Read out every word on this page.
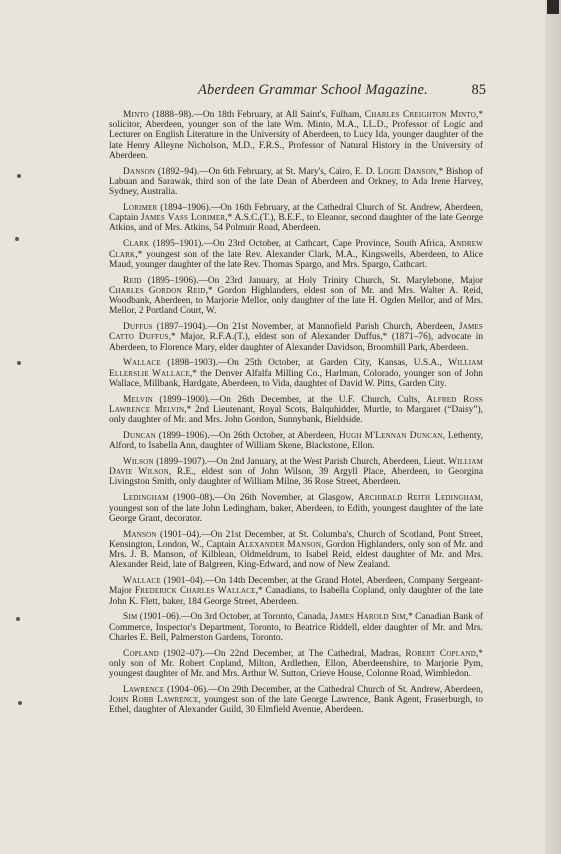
Aberdeen Grammar School Magazine.	85

Minto (1888–98).—On 18th February, at All Saint's, Fulham, Charles Creighton Minto,* solicitor, Aberdeen, younger son of the late Wm. Minto, M.A., LL.D., Professor of Logic and Lecturer on English Literature in the University of Aberdeen, to Lucy Ida, younger daughter of the late Henry Alleyne Nicholson, M.D., F.R.S., Professor of Natural History in the University of Aberdeen.

Danson (1892–94).—On 6th February, at St. Mary's, Cairo, E. D. Logie Danson,* Bishop of Labuan and Sarawak, third son of the late Dean of Aberdeen and Orkney, to Ada Irene Harvey, Sydney, Australia.

Lorimer (1894–1906).—On 16th February, at the Cathedral Church of St. Andrew, Aberdeen, Captain James Vass Lorimer,* A.S.C.(T.), B.E.F., to Eleanor, second daughter of the late George Atkins, and of Mrs. Atkins, 54 Polmuir Road, Aberdeen.

Clark (1895–1901).—On 23rd October, at Cathcart, Cape Province, South Africa, Andrew Clark,* youngest son of the late Rev. Alexander Clark, M.A., Kingswells, Aberdeen, to Alice Maud, younger daughter of the late Rev. Thomas Spargo, and Mrs. Spargo, Cathcart.

Reid (1895–1906).—On 23rd January, at Holy Trinity Church, St. Marylebone, Major Charles Gordon Reid,* Gordon Highlanders, eldest son of Mr. and Mrs. Walter A. Reid, Woodbank, Aberdeen, to Marjorie Mellor, only daughter of the late H. Ogden Mellor, and of Mrs. Mellor, 2 Portland Court, W.

Duffus (1897–1904).—On 21st November, at Mannofield Parish Church, Aberdeen, James Catto Duffus,* Major, R.F.A.(T.), eldest son of Alexander Duffus,* (1871–76), advocate in Aberdeen, to Florence Mary, elder daughter of Alexander Davidson, Broomhill Park, Aberdeen.

Wallace (1898–1903).—On 25th October, at Garden City, Kansas, U.S.A., William Ellerslie Wallace,* the Denver Alfalfa Milling Co., Harlman, Colorado, younger son of John Wallace, Millbank, Hardgate, Aberdeen, to Vida, daughter of David W. Pitts, Garden City.

Melvin (1899–1900).—On 26th December, at the U.F. Church, Cults, Alfred Ross Lawrence Melvin,* 2nd Lieutenant, Royal Scots, Balquhidder, Murtle, to Margaret (“Daisy”), only daughter of Mr. and Mrs. John Gordon, Sunnybank, Bieldside.

Duncan (1899–1906).—On 26th October, at Aberdeen, Hugh M'Lennan Duncan, Lethenty, Alford, to Isabella Ann, daughter of William Skene, Blackstone, Ellon.

Wilson (1899–1907).—On 2nd January, at the West Parish Church, Aberdeen, Lieut. William Davie Wilson, R.E., eldest son of John Wilson, 39 Argyll Place, Aberdeen, to Georgina Livingston Smith, only daughter of William Milne, 36 Rose Street, Aberdeen.

Ledingham (1900–08).—On 26th November, at Glasgow, Archibald Reith Ledingham, youngest son of the late John Ledingham, baker, Aberdeen, to Edith, youngest daughter of the late George Grant, decorator.

Manson (1901–04).—On 21st December, at St. Columba's, Church of Scotland, Pont Street, Kensington, London, W., Captain Alexander Manson, Gordon Highlanders, only son of Mr. and Mrs. J. B. Manson, of Kilblean, Oldmeldrum, to Isabel Reid, eldest daughter of Mr. and Mrs. Alexander Reid, late of Balgreen, King-Edward, and now of New Zealand.

Wallace (1901–04).—On 14th December, at the Grand Hotel, Aberdeen, Company Sergeant-Major Frederick Charles Wallace,* Canadians, to Isabella Copland, only daughter of the late John K. Flett, baker, 184 George Street, Aberdeen.

Sim (1901–06).—On 3rd October, at Toronto, Canada, James Harold Sim,* Canadian Bank of Commerce, Inspector's Department, Toronto, to Beatrice Riddell, elder daughter of Mr. and Mrs. Charles E. Bell, Palmerston Gardens, Toronto.

Copland (1902–07).—On 22nd December, at The Cathedral, Madras, Robert Copland,* only son of Mr. Robert Copland, Milton, Ardlethen, Ellon, Aberdeenshire, to Marjorie Pym, youngest daughter of Mr. and Mrs. Arthur W. Sutton, Crieve House, Colonne Road, Wimbledon.

Lawrence (1904–06).—On 29th December, at the Cathedral Church of St. Andrew, Aberdeen, John Robb Lawrence, youngest son of the late George Lawrence, Bank Agent, Fraserburgh, to Ethel, daughter of Alexander Guild, 30 Elmfield Avenue, Aberdeen.
